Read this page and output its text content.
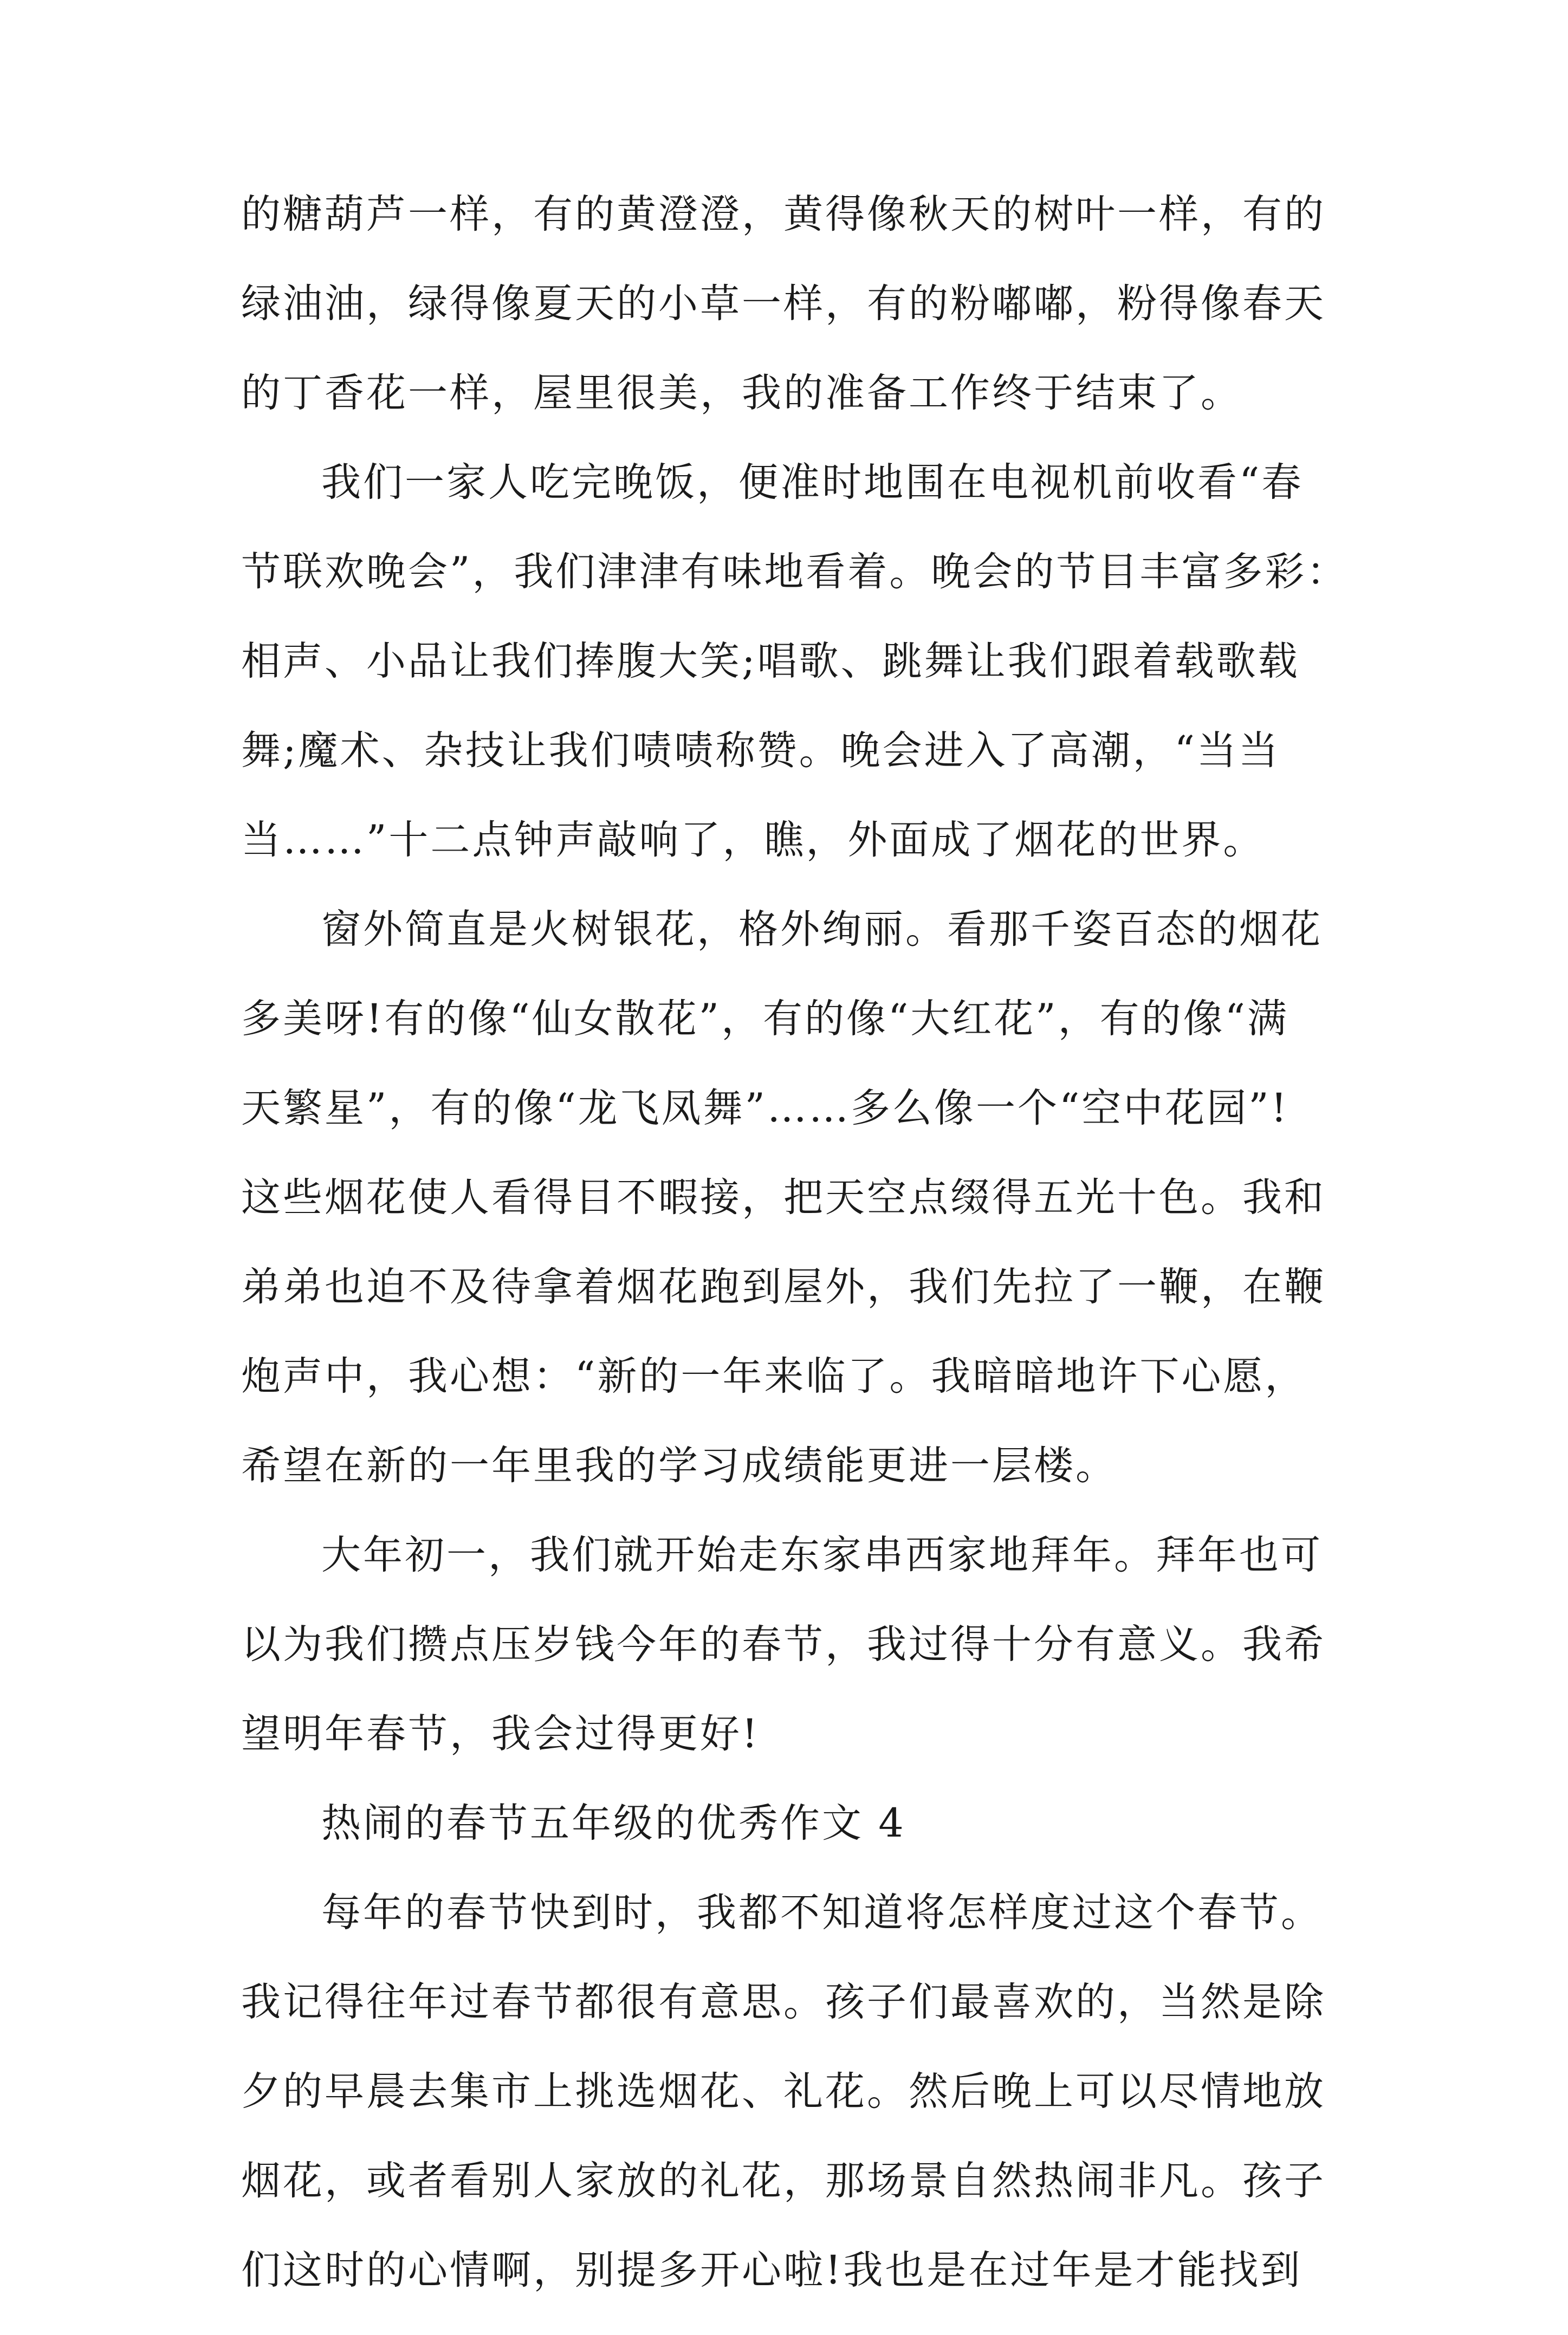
的糖葫芦一样，有的黄澄澄，黄得像秋天的树叶一样，有的
绿油油，绿得像夏天的小草一样，有的粉嘟嘟，粉得像春天
的丁香花一样，屋里很美，我的准备工作终于结束了。
我们一家人吃完晚饭，便准时地围在电视机前收看“春
节联欢晚会”，我们津津有味地看着。晚会的节目丰富多彩：
相声、小品让我们捧腹大笑;唱歌、跳舞让我们跟着载歌载
舞;魔术、杂技让我们啧啧称赞。晚会进入了高潮，“当当
当……”十二点钟声敲响了，瞧，外面成了烟花的世界。
窗外简直是火树银花，格外绚丽。看那千姿百态的烟花
多美呀!有的像“仙女散花”，有的像“大红花”，有的像“满
天繁星”，有的像“龙飞凤舞”……多么像一个“空中花园”!
这些烟花使人看得目不暇接，把天空点缀得五光十色。我和
弟弟也迫不及待拿着烟花跑到屋外，我们先拉了一鞭，在鞭
炮声中，我心想：“新的一年来临了。我暗暗地许下心愿，
希望在新的一年里我的学习成绩能更进一层楼。
大年初一，我们就开始走东家串西家地拜年。拜年也可
以为我们攒点压岁钱今年的春节，我过得十分有意义。我希
望明年春节，我会过得更好!
热闹的春节五年级的优秀作文 4
每年的春节快到时，我都不知道将怎样度过这个春节。
我记得往年过春节都很有意思。孩子们最喜欢的，当然是除
夕的早晨去集市上挑选烟花、礼花。然后晚上可以尽情地放
烟花，或者看别人家放的礼花，那场景自然热闹非凡。孩子
们这时的心情啊，别提多开心啦!我也是在过年是才能找到
